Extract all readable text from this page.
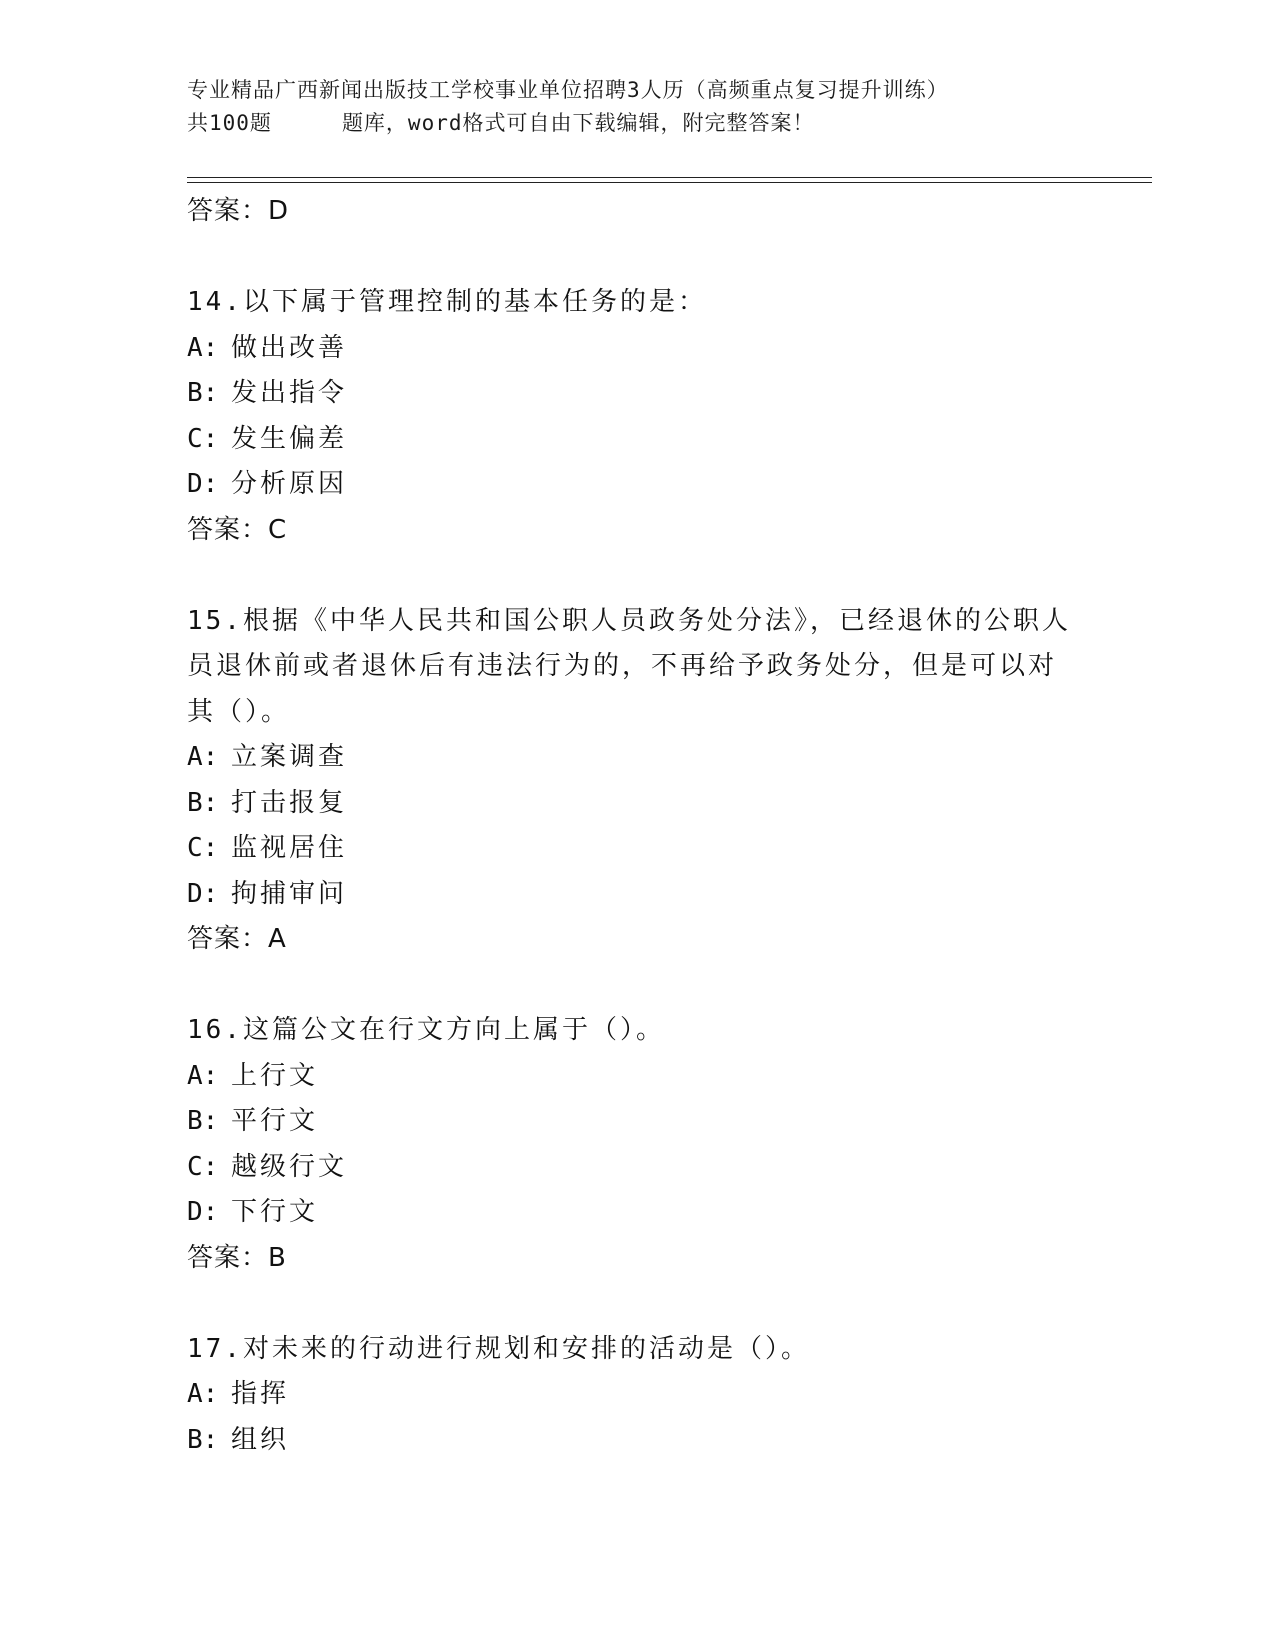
专业精品广西新闻出版技工学校事业单位招聘3人历（高频重点复习提升训练）
共100题	题库，word格式可自由下载编辑，附完整答案！
答案：D
14.以下属于管理控制的基本任务的是：
A: 做出改善
B: 发出指令
C: 发生偏差
D: 分析原因
答案：C
15.根据《中华人民共和国公职人员政务处分法》，已经退休的公职人
员退休前或者退休后有违法行为的，不再给予政务处分，但是可以对
其（）。
A: 立案调查
B: 打击报复
C: 监视居住
D: 拘捕审问
答案：A
16.这篇公文在行文方向上属于（）。
A: 上行文
B: 平行文
C: 越级行文
D: 下行文
答案：B
17.对未来的行动进行规划和安排的活动是（）。
A: 指挥
B: 组织
